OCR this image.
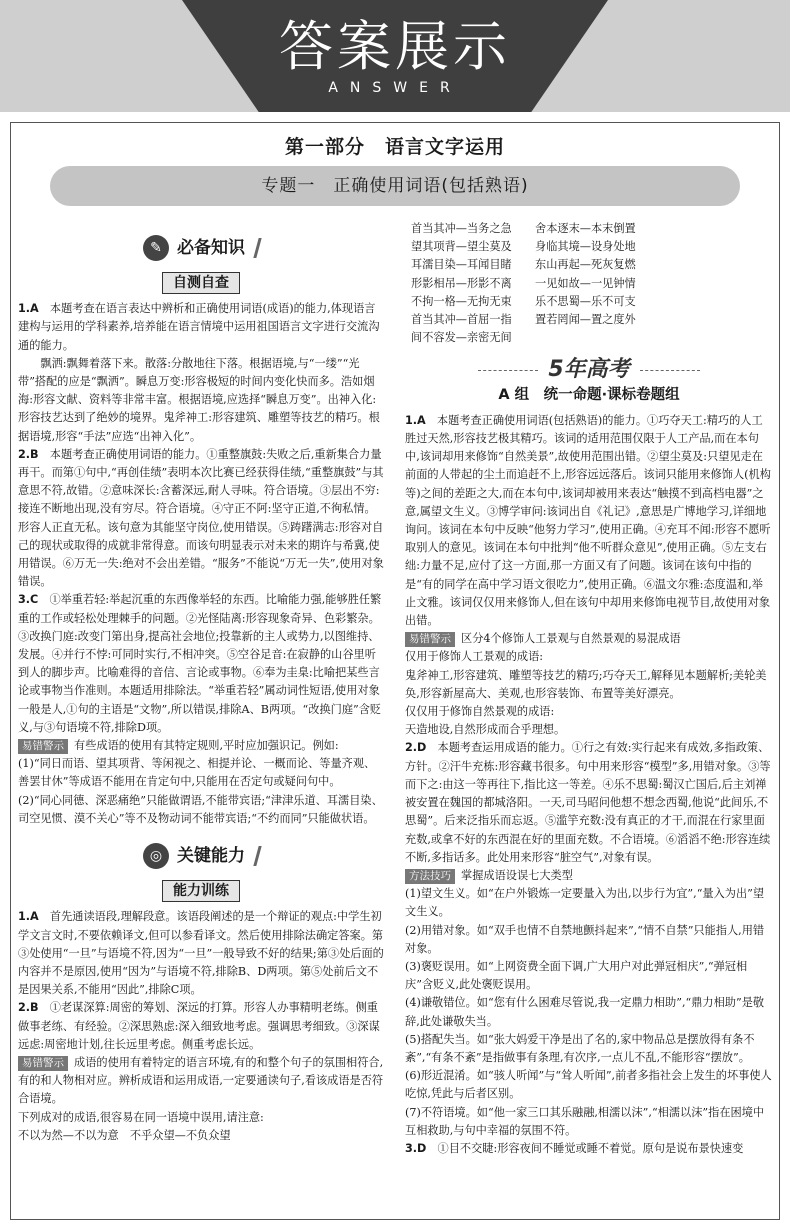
答案展示
ANSWER
第一部分　语言文字运用
专题一　正确使用词语(包括熟语)
✎ 必备知识
自测自查

1.A　 本题考查在语言表达中辨析和正确使用词语(成语)的能力,体现语言建构与运用的学科素养,培养能在语言情境中运用祖国语言文字进行交流沟通的能力。

飘洒:飘舞着落下来。散落:分散地往下落。根据语境,与“一缕”“光带”搭配的应是“飘洒”。瞬息万变:形容极短的时间内变化快而多。浩如烟海:形容文献、资料等非常丰富。根据语境,应选择“瞬息万变”。出神入化:形容技艺达到了绝妙的境界。鬼斧神工:形容建筑、雕塑等技艺的精巧。根据语境,形容“手法”应选“出神入化”。

2.B　 本题考查正确使用词语的能力。①重整旗鼓:失败之后,重新集合力量再干。而第①句中,“再创佳绩”表明本次比赛已经获得佳绩,“重整旗鼓”与其意思不符,故错。②意味深长:含蓄深远,耐人寻味。符合语境。③层出不穷:接连不断地出现,没有穷尽。符合语境。④守正不阿:坚守正道,不徇私情。形容人正直无私。该句意为其能坚守岗位,使用错误。⑤踌躇满志:形容对自己的现状或取得的成就非常得意。而该句明显表示对未来的期许与希冀,使用错误。⑥万无一失:绝对不会出差错。“服务”不能说“万无一失”,使用对象错误。

3.C　 ①举重若轻:举起沉重的东西像举轻的东西。比喻能力强,能够胜任繁重的工作或轻松处理棘手的问题。②光怪陆离:形容现象奇异、色彩繁杂。③改换门庭:改变门第出身,提高社会地位;投靠新的主人或势力,以图维持、发展。④并行不悖:可同时实行,不相冲突。⑤空谷足音:在寂静的山谷里听到人的脚步声。比喻难得的音信、言论或事物。⑥奉为圭臬:比喻把某些言论或事物当作准则。本题适用排除法。“举重若轻”属动词性短语,使用对象一般是人,①句的主语是“文物”,所以错误,排除A、B两项。“改换门庭”含贬义,与③句语境不符,排除D项。

易错警示 有些成语的使用有其特定规则,平时应加强识记。例如:

(1)“同日而语、望其项背、等闲视之、相提并论、一概而论、等量齐观、善罢甘休”等成语不能用在肯定句中,只能用在否定句或疑问句中。

(2)“同心同德、深恶痛绝”只能做谓语,不能带宾语;“津津乐道、耳濡目染、司空见惯、漠不关心”等不及物动词不能带宾语;“不约而同”只能做状语。

◎ 关键能力
能力训练

1.A　 首先通读语段,理解段意。该语段阐述的是一个辩证的观点:中学生初学文言文时,不要依赖译文,但可以参看译文。然后使用排除法确定答案。第③处使用“一旦”与语境不符,因为“一旦”一般导致不好的结果;第③处后面的内容并不是原因,使用“因为”与语境不符,排除B、D两项。第⑤处前后文不是因果关系,不能用“因此”,排除C项。

2.B　 ①老谋深算:周密的筹划、深远的打算。形容人办事精明老练。侧重做事老练、有经验。②深思熟虑:深入细致地考虑。强调思考细致。③深谋远虑:周密地计划,往长远里考虑。侧重考虑长远。

易错警示 成语的使用有着特定的语言环境,有的和整个句子的氛围相符合,有的和人物相对应。辨析成语和运用成语,一定要通读句子,看该成语是否符合语境。

下列成对的成语,很容易在同一语境中误用,请注意:

不以为然—不以为意　不乎众望—不负众望

首当其冲—当务之急	舍本逐末—本末倒置
望其项背—望尘莫及	身临其境—设身处地
耳濡目染—耳闻目睹	东山再起—死灰复燃
形影相吊—形影不离	一见如故—一见钟情
不拘一格—无拘无束	乐不思蜀—乐不可支
首当其冲—首屈一指	置若罔闻—置之度外
间不容发—亲密无间
5年高考
A 组　统一命题·课标卷题组

1.A　 本题考查正确使用词语(包括熟语)的能力。①巧夺天工:精巧的人工胜过天然,形容技艺极其精巧。该词的适用范围仅限于人工产品,而在本句中,该词却用来修饰“自然美景”,故使用范围出错。②望尘莫及:只望见走在前面的人带起的尘土而追赶不上,形容远远落后。该词只能用来修饰人(机构等)之间的差距之大,而在本句中,该词却被用来表达“触摸不到高档电器”之意,属望文生义。③博学审问:该词出自《礼记》,意思是广博地学习,详细地询问。该词在本句中反映“他努力学习”,使用正确。④充耳不闻:形容不愿听取别人的意见。该词在本句中批判“他不听群众意见”,使用正确。⑤左支右绌:力量不足,应付了这一方面,那一方面又有了问题。该词在该句中指的是“有的同学在高中学习语文很吃力”,使用正确。⑥温文尔雅:态度温和,举止文雅。该词仅仅用来修饰人,但在该句中却用来修饰电视节目,故使用对象出错。

易错警示 区分4个修饰人工景观与自然景观的易混成语

仅用于修饰人工景观的成语:

鬼斧神工,形容建筑、雕塑等技艺的精巧;巧夺天工,解释见本题解析;美轮美奂,形容新屋高大、美观,也形容装饰、布置等美好漂亮。

仅仅用于修饰自然景观的成语:

天造地设,自然形成而合乎理想。

2.D　 本题考查运用成语的能力。①行之有效:实行起来有成效,多指政策、方针。②汗牛充栋:形容藏书很多。句中用来形容“模型”多,用错对象。③等而下之:由这一等再往下,指比这一等差。④乐不思蜀:蜀汉亡国后,后主刘禅被安置在魏国的都城洛阳。一天,司马昭问他想不想念西蜀,他说“此间乐,不思蜀”。后来泛指乐而忘返。⑤滥竽充数:没有真正的才干,而混在行家里面充数,或拿不好的东西混在好的里面充数。不合语境。⑥滔滔不绝:形容连续不断,多指话多。此处用来形容“脏空气”,对象有误。

方法技巧 掌握成语设误七大类型

(1)望文生义。如“在户外锻炼一定要量入为出,以步行为宜”,“量入为出”望文生义。

(2)用错对象。如“双手也情不自禁地颤抖起来”,“情不自禁”只能指人,用错对象。

(3)褒贬误用。如“上网资费全面下调,广大用户对此弹冠相庆”,“弹冠相庆”含贬义,此处褒贬误用。

(4)谦敬错位。如“您有什么困难尽管说,我一定鼎力相助”,“鼎力相助”是敬辞,此处谦敬失当。

(5)搭配失当。如“张大妈爱干净是出了名的,家中物品总是摆放得有条不紊”,“有条不紊”是指做事有条理,有次序,一点儿不乱,不能形容“摆放”。

(6)形近混淆。如“骇人听闻”与“耸人听闻”,前者多指社会上发生的坏事使人吃惊,凭此与后者区别。

(7)不符语境。如“他一家三口其乐融融,相濡以沫”,“相濡以沫”指在困境中互相救助,与句中幸福的氛围不符。

3.D　 ①目不交睫:形容夜间不睡觉或睡不着觉。原句是说布景快速变
